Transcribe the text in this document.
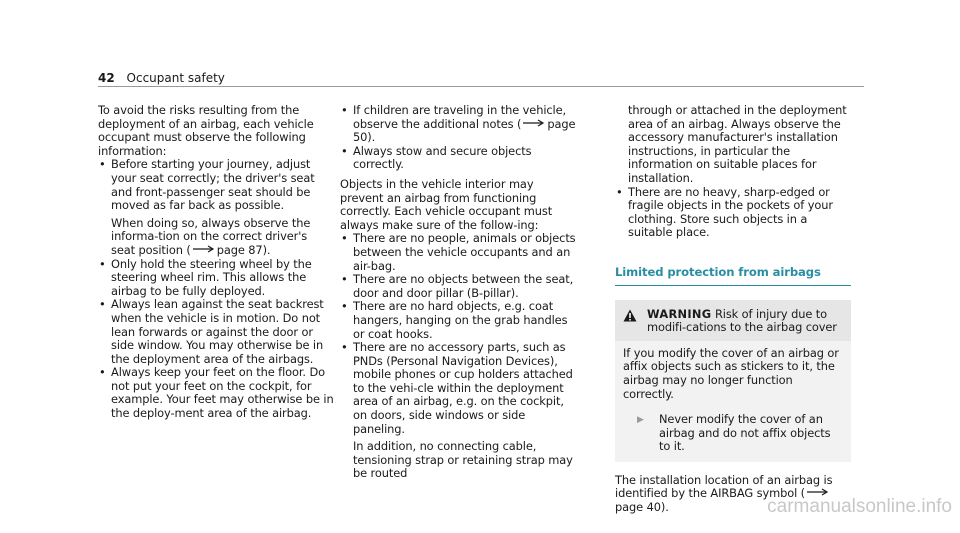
42 Occupant safety

To avoid the risks resulting from the deployment of an airbag, each vehicle occupant must observe the following information:

• Before starting your journey, adjust your seat correctly; the driver's seat and front-passenger seat should be moved as far back as possible.

When doing so, always observe the informa-tion on the correct driver's seat position ( page 87).

• Only hold the steering wheel by the steering wheel rim. This allows the airbag to be fully deployed.

• Always lean against the seat backrest when the vehicle is in motion. Do not lean forwards or against the door or side window. You may otherwise be in the deployment area of the airbags.

• Always keep your feet on the floor. Do not put your feet on the cockpit, for example. Your feet may otherwise be in the deploy-ment area of the airbag.

• If children are traveling in the vehicle, observe the additional notes ( page 50).

• Always stow and secure objects correctly.

Objects in the vehicle interior may prevent an airbag from functioning correctly. Each vehicle occupant must always make sure of the follow-ing:

• There are no people, animals or objects between the vehicle occupants and an air-bag.

• There are no objects between the seat, door and door pillar (B-pillar).

• There are no hard objects, e.g. coat hangers, hanging on the grab handles or coat hooks.

• There are no accessory parts, such as PNDs (Personal Navigation Devices), mobile phones or cup holders attached to the vehi-cle within the deployment area of an airbag, e.g. on the cockpit, on doors, side windows or side paneling.

In addition, no connecting cable, tensioning strap or retaining strap may be routed

through or attached in the deployment area of an airbag. Always observe the accessory manufacturer's installation instructions, in particular the information on suitable places for installation.

• There are no heavy, sharp-edged or fragile objects in the pockets of your clothing. Store such objects in a suitable place.

Limited protection from airbags
WARNING Risk of injury due to modifi-cations to the airbag cover

If you modify the cover of an airbag or affix objects such as stickers to it, the airbag may no longer function correctly.

▶ Never modify the cover of an airbag and do not affix objects to it.

The installation location of an airbag is identified by the AIRBAG symbol (page 40).	carmanualsonline.info
